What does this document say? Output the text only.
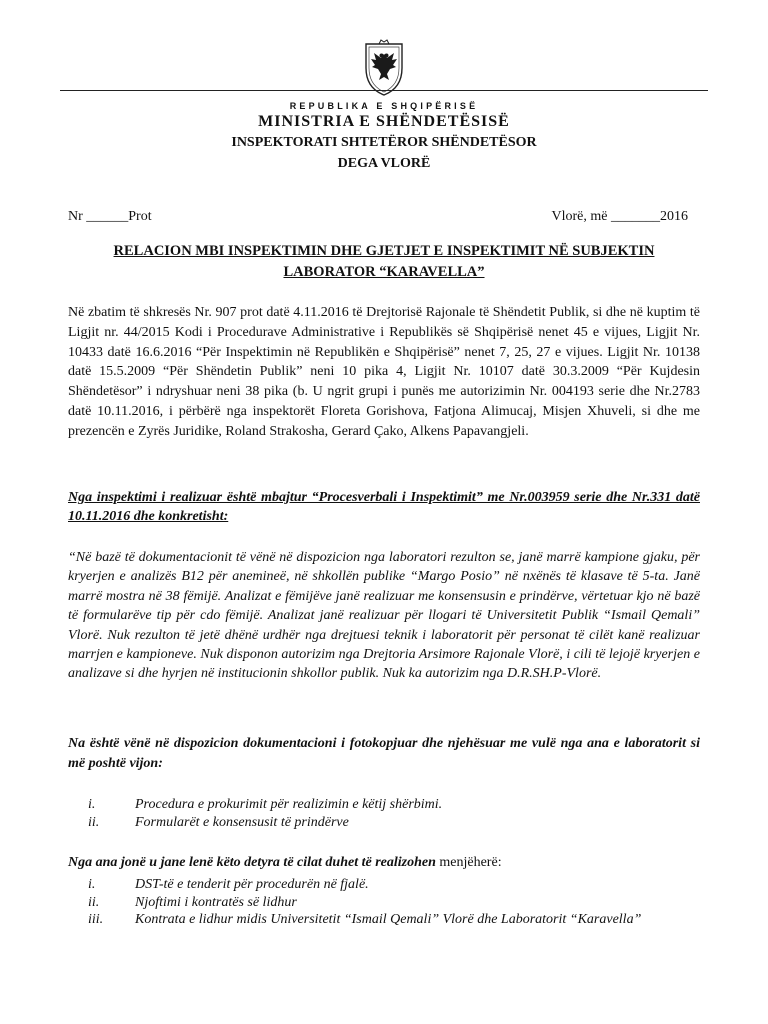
REPUBLIKA E SHQIPËRISË
MINISTRIA E SHËNDETËSISË
INSPEKTORATI SHTETËROR SHËNDETËSOR
DEGA VLORË
Nr ______Prot	Vlorë, më _______2016
RELACION MBI INSPEKTIMIN DHE GJETJET E INSPEKTIMIT NË SUBJEKTIN LABORATOR “KARAVELLA”
Në zbatim të shkresës Nr. 907 prot datë 4.11.2016 të Drejtorisë Rajonale të Shëndetit Publik, si dhe në kuptim të Ligjit nr. 44/2015 Kodi i Procedurave Administrative i Republikës së Shqipërisë nenet 45 e vijues, Ligjit Nr. 10433 datë 16.6.2016 “Për Inspektimin në Republikën e Shqipërisë” nenet 7, 25, 27 e vijues. Ligjit Nr. 10138 datë 15.5.2009 “Për Shëndetin Publik” neni 10 pika 4, Ligjit Nr. 10107 datë 30.3.2009 “Për Kujdesin Shëndetësor” i ndryshuar neni 38 pika (b. U ngrit grupi i punës me autorizimin Nr. 004193 serie dhe Nr.2783 datë 10.11.2016, i përbërë nga inspektorët Floreta Gorishova, Fatjona Alimucaj, Misjen Xhuveli, si dhe me prezencën e Zyrës Juridike, Roland Strakosha, Gerard Çako, Alkens Papavangjeli.
Nga inspektimi i realizuar është mbajtur “Procesverbali i Inspektimit” me Nr.003959 serie dhe Nr.331 datë 10.11.2016 dhe konkretisht:
“Në bazë të dokumentacionit të vënë në dispozicion nga laboratori rezulton se, janë marrë kampione gjaku, për kryerjen e analizës B12 për anemineë, në shkollën publike “Margo Posio” në nxënës të klasave të 5-ta. Janë marrë mostra në 38 fëmijë. Analizat e fëmijëve janë realizuar me konsensusin e prindërve, vërtetuar kjo në bazë të formularëve tip për cdo fëmijë. Analizat janë realizuar për llogari të Universitetit Publik “Ismail Qemali” Vlorë. Nuk rezulton të jetë dhënë urdhër nga drejtuesi teknik i laboratorit për personat të cilët kanë realizuar marrjen e kampioneve. Nuk disponon autorizim nga Drejtoria Arsimore Rajonale Vlorë, i cili të lejojë kryerjen e analizave si dhe hyrjen në institucionin shkollor publik. Nuk ka autorizim nga D.R.SH.P-Vlorë.
Na është vënë në dispozicion dokumentacioni i fotokopjuar dhe njehësuar me vulë nga ana e laboratorit si më poshtë vijon:
i.	Procedura e prokurimit për realizimin e këtij shërbimi.
ii.	Formularët e konsensusit të prindërve
Nga ana jonë u jane lenë këto detyra të cilat duhet të realizohen menjëherë:
i.	DST-të e tenderit për procedurën në fjalë.
ii.	Njoftimi i kontratës së lidhur
iii. Kontrata e lidhur midis Universitetit “Ismail Qemali” Vlorë dhe Laboratorit “Karavella”
